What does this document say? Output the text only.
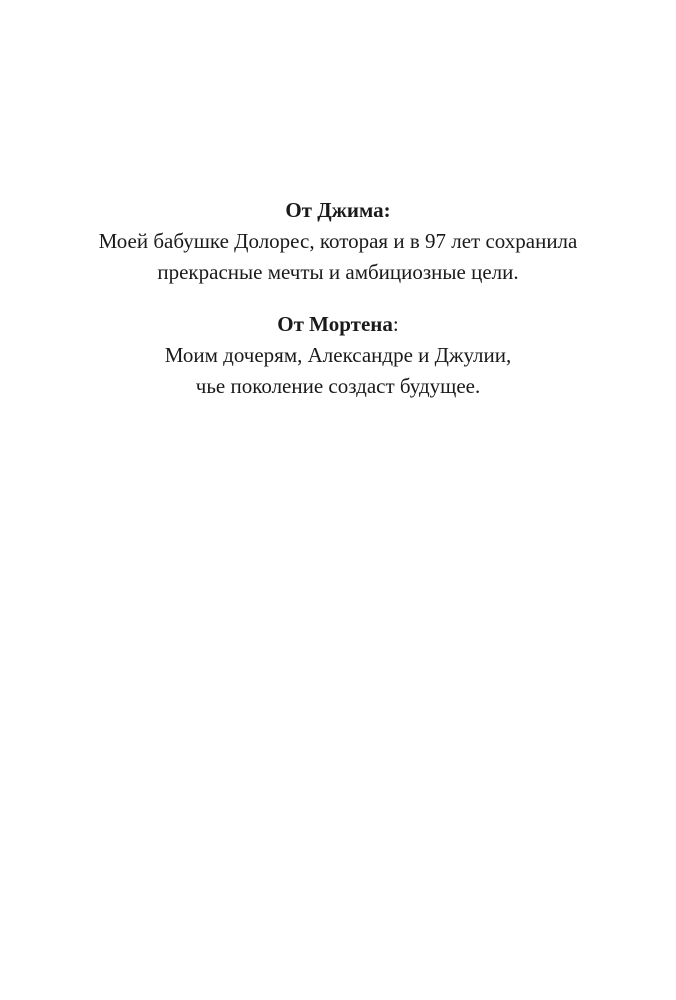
От Джима:

Моей бабушке Долорес, которая и в 97 лет сохранила

прекрасные мечты и амбициозные цели.

От Мортена:

Моим дочерям, Александре и Джулии,

чье поколение создаст будущее.
